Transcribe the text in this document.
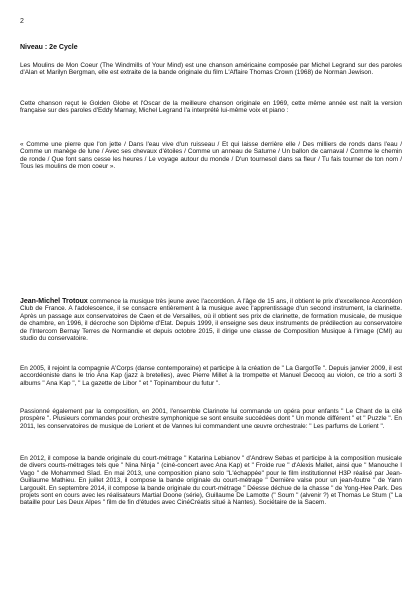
2
Niveau : 2e Cycle

Les Moulins de Mon Coeur (The Windmills of Your Mind) est une chanson américaine composée par Michel Legrand sur des paroles d'Alan et Marilyn Bergman, elle est extraite de la bande originale du film L'Affaire Thomas Crown (1968) de Norman Jewison.

Cette chanson reçut le Golden Globe et l'Oscar de la meilleure chanson originale en 1969, cette même année est naît la version française sur des paroles d'Eddy Marnay, Michel Legrand l'a interprété lui-même voix et piano :

« Comme une pierre que l'on jette / Dans l'eau vive d'un ruisseau / Et qui laisse derrière elle / Des milliers de ronds dans l'eau / Comme un manège de lune / Avec ses chevaux d'étoiles / Comme un anneau de Saturne / Un ballon de carnaval / Comme le chemin de ronde / Que font sans cesse les heures / Le voyage autour du monde / D'un tournesol dans sa fleur / Tu fais tourner de ton nom / Tous les moulins de mon coeur ».

Jean-Michel Trotoux commence la musique très jeune avec l'accordéon. A l'âge de 15 ans, il obtient le prix d'excellence Accordéon Club de France. A l'adolescence, il se consacre entièrement à la musique avec l'apprentissage d'un second instrument, la clarinette. Après un passage aux conservatoires de Caen et de Versailles, où il obtient ses prix de clarinette, de formation musicale, de musique de chambre, en 1996, il décroche son Diplôme d'Etat. Depuis 1999, il enseigne ses deux instruments de prédilection au conservatoire de l'Intercom Bernay Terres de Normandie et depuis octobre 2015, il dirige une classe de Composition Musique à l'image (CMI) au studio du conservatoire.

En 2005, il rejoint la compagnie A'Corps (danse contemporaine) et participe à la création de " La GargotTe ". Depuis janvier 2009, il est accordéoniste dans le trio Ana Kap (jazz à bretelles), avec Pierre Millet à la trompette et Manuel Decocq au violon, ce trio a sorti 3 albums " Ana Kap ", " La gazette de Libor " et " Topinambour du futur ".

Passionné également par la composition, en 2001, l'ensemble Clarinote lui commande un opéra pour enfants " Le Chant de la cité prospère ". Plusieurs commandes pour orchestre symphonique se sont ensuite succédées dont " Un monde différent " et " Puzzle ". En 2011, les conservatoires de musique de Lorient et de Vannes lui commandent une œuvre orchestrale: " Les parfums de Lorient ".

En 2012, il compose la bande originale du court-métrage " Katarina Lebianov " d'Andrew Sebas et participe à la composition musicale de divers courts-métrages tels que " Nina Ninja " (ciné-concert avec Ana Kap) et " Froide rue " d'Alexis Mallet, ainsi que " Manouche I Vago " de Mohammed Sïad. En mai 2013, une composition piano solo "L'échappée" pour le film institutionnel H3P réalisé par Jean-Guillaume Mathieu. En juillet 2013, il compose la bande originale du court-métrage " Dernière valse pour un jean-foutre " de Yann Largouët. En septembre 2014, il compose la bande originale du court-métrage " Déesse déchue de la chasse " de Yong-Hee Park. Des projets sont en cours avec les réalisateurs Martial Doone (série), Guillaume De Lamotte (" Soum " (alvenir ?) et Thomas Le Stum (" La bataille pour Les Deux Alpes " film de fin d'études avec CinéCréatis situé à Nantes). Sociétaire de la Sacem.
